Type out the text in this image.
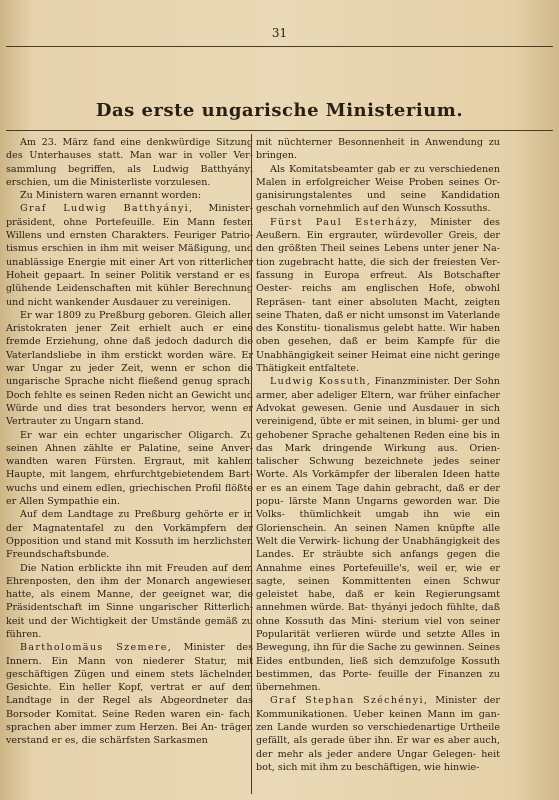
31
Das erste ungarische Ministerium.

Am 23. März fand eine denkwürdige Sitzung des Unterhauses statt. Man war in voller Ver- sammlung begriffen, als Ludwig Batthyányi erschien, um die Ministerliste vorzulesen.

Zu Ministern waren ernannt worden:

Graf Ludwig Batthyányi, Minister- präsident, ohne Portefeuille. Ein Mann festen Willens und ernsten Charakters. Feuriger Patrio- tismus erschien in ihm mit weiser Mäßigung, und unablässige Energie mit einer Art von ritterlicher Hoheit gepaart. In seiner Politik verstand er es, glühende Leidenschaften mit kühler Berechnung und nicht wankender Ausdauer zu vereinigen.

Er war 1809 zu Preßburg geboren. Gleich allen Aristokraten jener Zeit erhielt auch er eine fremde Erziehung, ohne daß jedoch dadurch die Vaterlandsliebe in ihm erstickt worden wäre. Er war Ungar zu jeder Zeit, wenn er schon die ungarische Sprache nicht fließend genug sprach. Doch fehlte es seinen Reden nicht an Gewicht und Würde und dies trat besonders hervor, wenn er Vertrauter zu Ungarn stand.

Er war ein echter ungarischer Oligarch. Zu seinen Ahnen zählte er Palatine, seine Anver- wandten waren Fürsten. Ergraut, mit kahlem Haupte, mit langem, ehrfurchtgebietendem Bart- wuchs und einem edlen, griechischen Profil flößte er Allen Sympathie ein.

Auf dem Landtage zu Preßburg gehörte er in der Magnatentafel zu den Vorkämpfern der Opposition und stand mit Kossuth im herzlichsten Freundschaftsbunde.

Die Nation erblickte ihn mit Freuden auf dem Ehrenposten, den ihm der Monarch angewiesen hatte, als einem Manne, der geeignet war, die Präsidentschaft im Sinne ungarischer Ritterlich- keit und der Wichtigkeit der Umstände gemäß zu führen.

Bartholomäus Szemere, Minister des Innern. Ein Mann von niederer Statur, mit geschäftigen Zügen und einem stets lächelnden Gesichte. Ein heller Kopf, vertrat er auf dem Landtage in der Regel als Abgeordneter das Borsoder Komitat. Seine Reden waren ein- fach, sprachen aber immer zum Herzen. Bei An- trägen verstand er es, die schärfsten Sarkasmen

mit nüchterner Besonnenheit in Anwendung zu bringen.

Als Komitatsbeamter gab er zu verschiedenen Malen in erfolgreicher Weise Proben seines Or- ganisirungstalentes und seine Kandidation geschah vornehmlich auf den Wunsch Kossuths.

Fürst Paul Esterházy, Minister des Aeußern. Ein ergrauter, würdevoller Greis, der den größten Theil seines Lebens unter jener Na- tion zugebracht hatte, die sich der freiesten Ver- fassung in Europa erfreut. Als Botschafter Oester- reichs am englischen Hofe, obwohl Repräsen- tant einer absoluten Macht, zeigten seine Thaten, daß er nicht umsonst im Vaterlande des Konstitu- tionalismus gelebt hatte. Wir haben oben gesehen, daß er beim Kampfe für die Unabhängigkeit seiner Heimat eine nicht geringe Thätigkeit entfaltete.

Ludwig Kossuth, Finanzminister. Der Sohn armer, aber adeliger Eltern, war früher einfacher Advokat gewesen. Genie und Ausdauer in sich vereinigend, übte er mit seinen, in blumi- ger und gehobener Sprache gehaltenen Reden eine bis in das Mark dringende Wirkung aus. Orien- talischer Schwung bezeichnete jedes seiner Worte. Als Vorkämpfer der liberalen Ideen hatte er es an einem Tage dahin gebracht, daß er der popu- lärste Mann Ungarns geworden war. Die Volks- thümlichkeit umgab ihn wie ein Glorienschein. An seinen Namen knüpfte alle Welt die Verwirk- lichung der Unabhängigkeit des Landes. Er sträubte sich anfangs gegen die Annahme eines Portefeuille's, weil er, wie er sagte, seinen Kommittenten einen Schwur geleistet habe, daß er kein Regierungsamt annehmen würde. Bat- thyányi jedoch fühlte, daß ohne Kossuth das Mini- sterium viel von seiner Popularität verlieren würde und setzte Alles in Bewegung, ihn für die Sache zu gewinnen. Seines Eides entbunden, ließ sich demzufolge Kossuth bestimmen, das Porte- feuille der Finanzen zu übernehmen.

Graf Stephan Széchényi, Minister der Kommunikationen. Ueber keinen Mann im gan- zen Lande wurden so verschiedenartige Urtheile gefällt, als gerade über ihn. Er war es aber auch, der mehr als jeder andere Ungar Gelegen- heit bot, sich mit ihm zu beschäftigen, wie hinwie-
